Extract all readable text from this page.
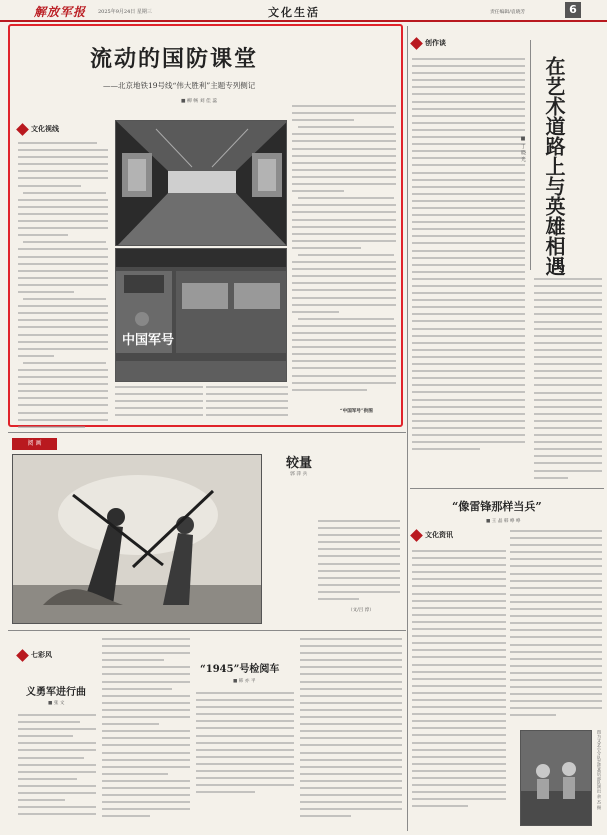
解放军报 2025年9月24日 星期三	文化生活	责任编辑/袁晓芳	6
流动的国防课堂
——北京地铁19号线“伟大胜利”主题专列侧记
■ 柳 畅 刘 佳 蕊
文化视线
中国军号
“中国军号”供图
创作谈
在艺术道路上与英雄相遇
■ 丁 晓 光
阅 画
较量
郭 萍 兵
（文/吕 淳）
“像雷锋那样当兵”
■ 王 晶 韩 峥 峥
文化资讯
图为文艺小分队走进基层部队演出 余 杰 摄
七彩风
义勇军进行曲
■ 张 文
“1945”号检阅车
■ 韩 亦 平
